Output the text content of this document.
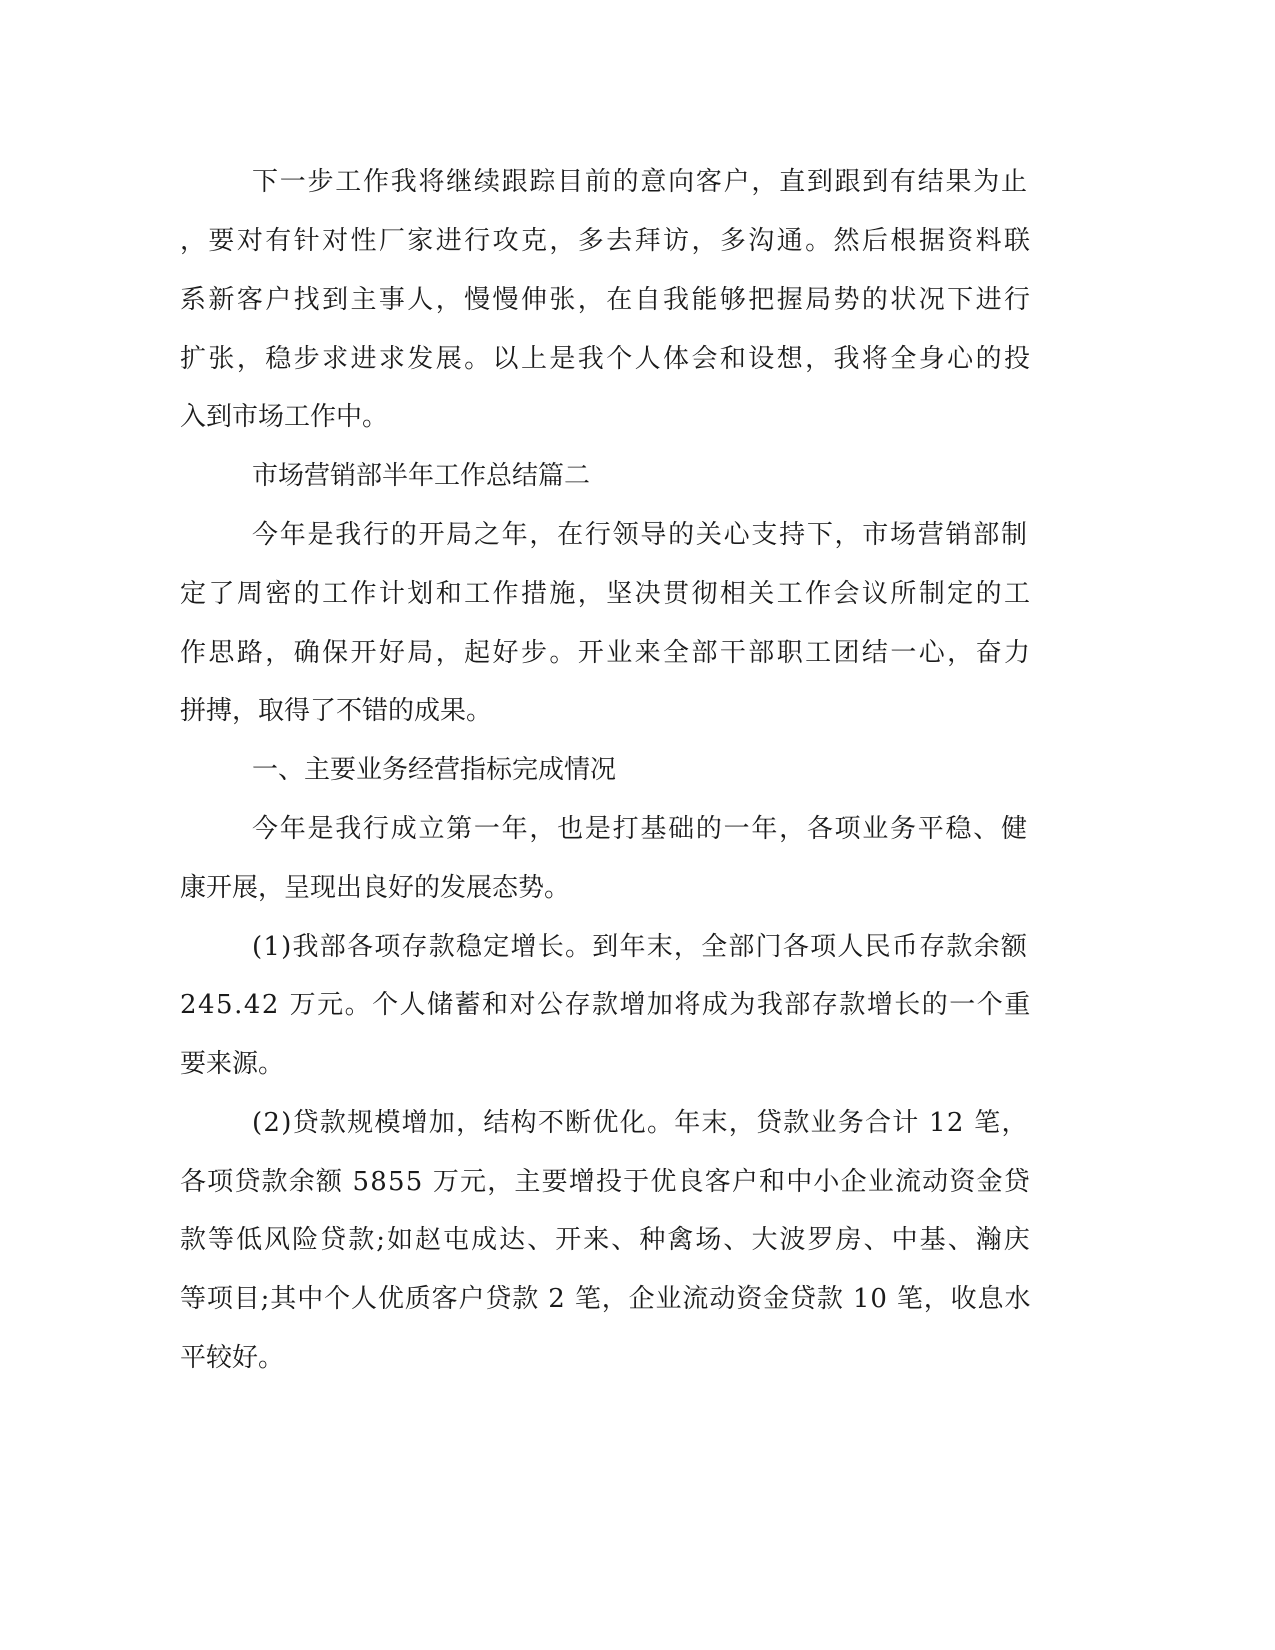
下一步工作我将继续跟踪目前的意向客户，直到跟到有结果为止

，要对有针对性厂家进行攻克，多去拜访，多沟通。然后根据资料联

系新客户找到主事人，慢慢伸张，在自我能够把握局势的状况下进行

扩张，稳步求进求发展。以上是我个人体会和设想，我将全身心的投

入到市场工作中。

市场营销部半年工作总结篇二

今年是我行的开局之年，在行领导的关心支持下，市场营销部制

定了周密的工作计划和工作措施，坚决贯彻相关工作会议所制定的工

作思路，确保开好局，起好步。开业来全部干部职工团结一心，奋力

拼搏，取得了不错的成果。

一、主要业务经营指标完成情况

今年是我行成立第一年，也是打基础的一年，各项业务平稳、健

康开展，呈现出良好的发展态势。

(1)我部各项存款稳定增长。到年末，全部门各项人民币存款余额

245.42 万元。个人储蓄和对公存款增加将成为我部存款增长的一个重

要来源。

(2)贷款规模增加，结构不断优化。年末，贷款业务合计 12 笔，

各项贷款余额 5855 万元，主要增投于优良客户和中小企业流动资金贷

款等低风险贷款;如赵屯成达、开来、种禽场、大波罗房、中基、瀚庆

等项目;其中个人优质客户贷款 2 笔，企业流动资金贷款 10 笔，收息水

平较好。
